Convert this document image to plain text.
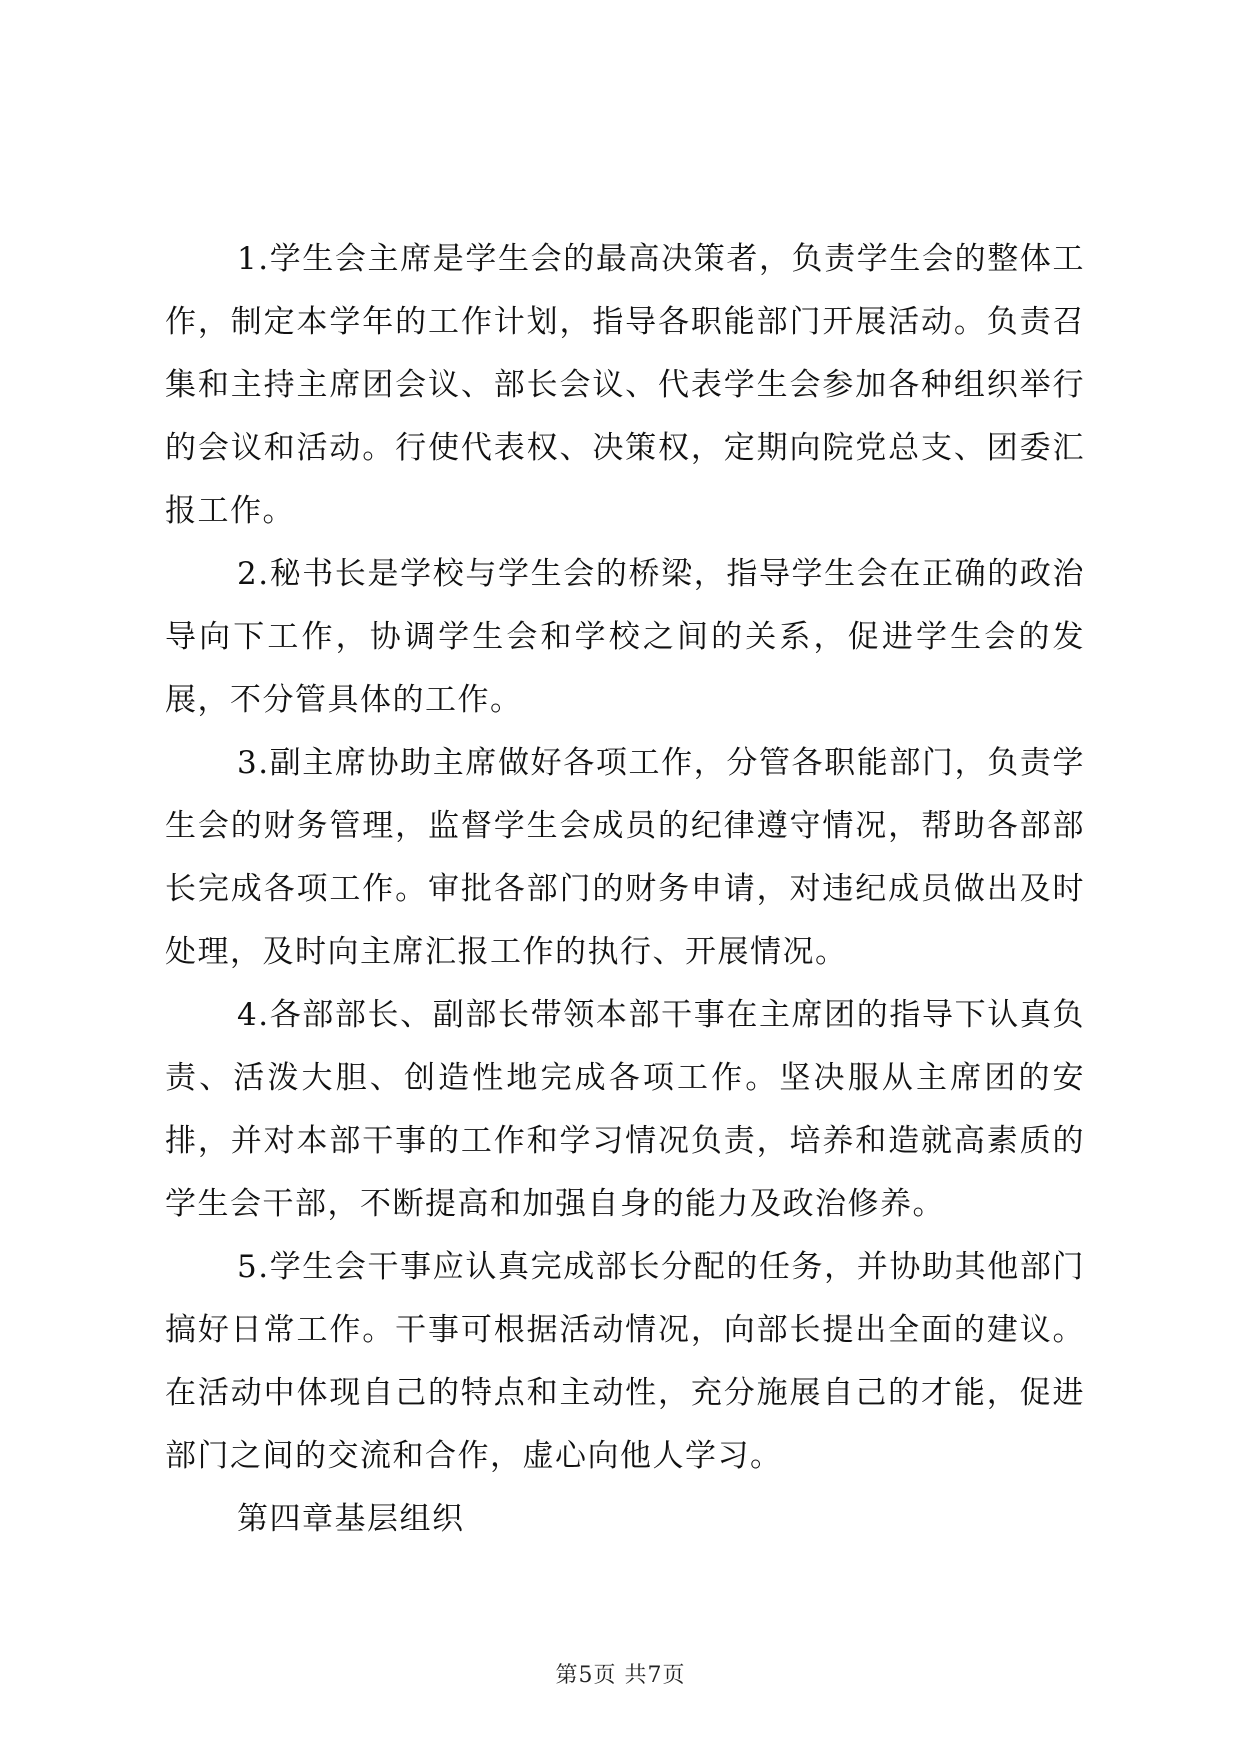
1.学生会主席是学生会的最高决策者，负责学生会的整体工作，制定本学年的工作计划，指导各职能部门开展活动。负责召集和主持主席团会议、部长会议、代表学生会参加各种组织举行的会议和活动。行使代表权、决策权，定期向院党总支、团委汇报工作。

2.秘书长是学校与学生会的桥梁，指导学生会在正确的政治导向下工作，协调学生会和学校之间的关系，促进学生会的发展，不分管具体的工作。

3.副主席协助主席做好各项工作，分管各职能部门，负责学生会的财务管理，监督学生会成员的纪律遵守情况，帮助各部部长完成各项工作。审批各部门的财务申请，对违纪成员做出及时处理，及时向主席汇报工作的执行、开展情况。

4.各部部长、副部长带领本部干事在主席团的指导下认真负责、活泼大胆、创造性地完成各项工作。坚决服从主席团的安排，并对本部干事的工作和学习情况负责，培养和造就高素质的学生会干部，不断提高和加强自身的能力及政治修养。

5.学生会干事应认真完成部长分配的任务，并协助其他部门搞好日常工作。干事可根据活动情况，向部长提出全面的建议。在活动中体现自己的特点和主动性，充分施展自己的才能，促进部门之间的交流和合作，虚心向他人学习。

第四章基层组织

第5页 共7页
